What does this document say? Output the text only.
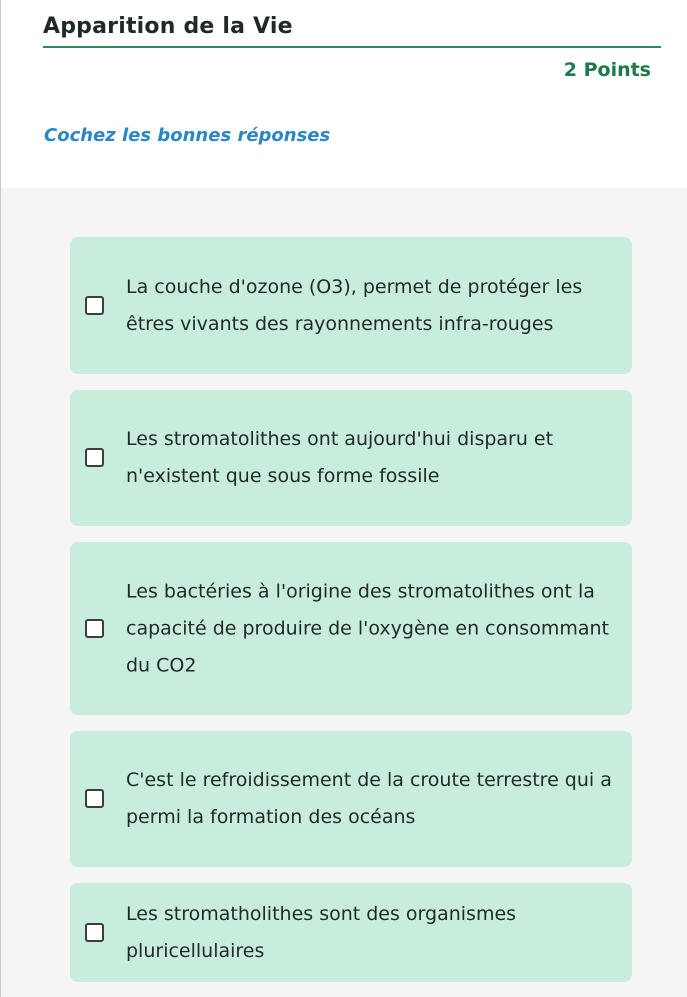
Apparition de la Vie
2 Points
Cochez les bonnes réponses
La couche d'ozone (O3), permet de protéger les êtres vivants des rayonnements infra-rouges
Les stromatolithes ont aujourd'hui disparu et n'existent que sous forme fossile
Les bactéries à l'origine des stromatolithes ont la capacité de produire de l'oxygène en consommant du CO2
C'est le refroidissement de la croute terrestre qui a permi la formation des océans
Les stromatholithes sont des organismes pluricellulaires
